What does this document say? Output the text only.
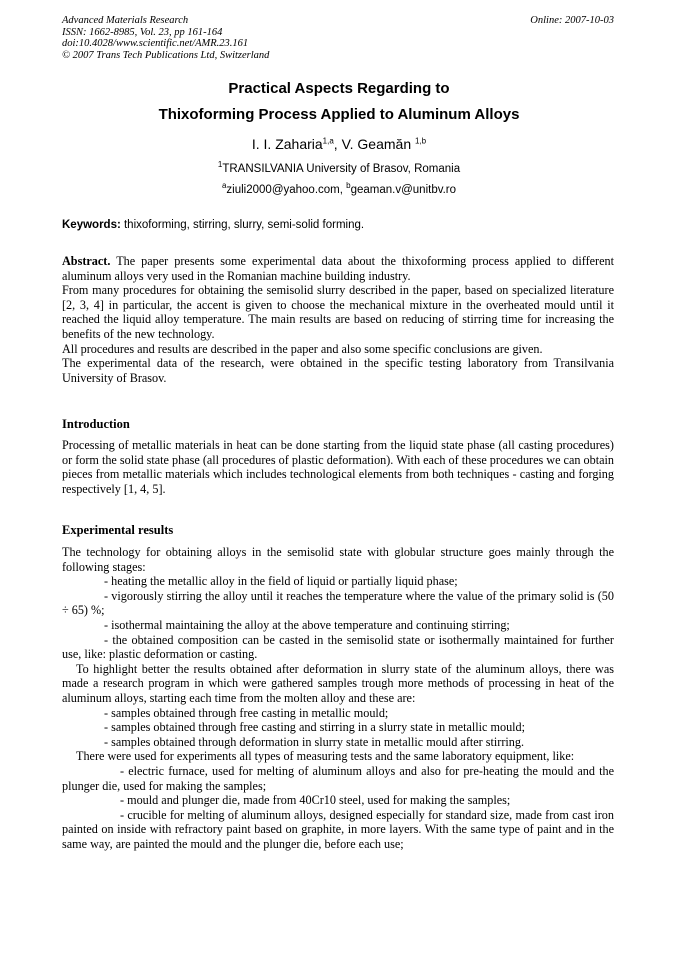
Advanced Materials Research
ISSN: 1662-8985, Vol. 23, pp 161-164
doi:10.4028/www.scientific.net/AMR.23.161
© 2007 Trans Tech Publications Ltd, Switzerland
Online: 2007-10-03
Practical Aspects Regarding to
Thixoforming Process Applied to Aluminum Alloys
I. I. Zaharia$^{1,a}$, V. Geamăn $^{1,b}$
$^1$TRANSILVANIA University of Brasov, Romania
$^a$ziuli2000@yahoo.com, $^b$geaman.v@unitbv.ro
Keywords: thixoforming, stirring, slurry, semi-solid forming.

Abstract. The paper presents some experimental data about the thixoforming process applied to different aluminum alloys very used in the Romanian machine building industry.

From many procedures for obtaining the semisolid slurry described in the paper, based on specialized literature [2, 3, 4] in particular, the accent is given to choose the mechanical mixture in the overheated mould until it reached the liquid alloy temperature. The main results are based on reducing of stirring time for increasing the benefits of the new technology.

All procedures and results are described in the paper and also some specific conclusions are given.

The experimental data of the research, were obtained in the specific testing laboratory from Transilvania University of Brasov.

Introduction

Processing of metallic materials in heat can be done starting from the liquid state phase (all casting procedures) or form the solid state phase (all procedures of plastic deformation). With each of these procedures we can obtain pieces from metallic materials which includes technological elements from both techniques - casting and forging respectively [1, 4, 5].

Experimental results

The technology for obtaining alloys in the semisolid state with globular structure goes mainly through the following stages:

- heating the metallic alloy in the field of liquid or partially liquid phase;

- vigorously stirring the alloy until it reaches the temperature where the value of the primary solid is (50 ÷ 65) %;

- isothermal maintaining the alloy at the above temperature and continuing stirring;

- the obtained composition can be casted in the semisolid state or isothermally maintained for further use, like: plastic deformation or casting.

To highlight better the results obtained after deformation in slurry state of the aluminum alloys, there was made a research program in which were gathered samples trough more methods of processing in heat of the aluminum alloys, starting each time from the molten alloy and these are:

- samples obtained through free casting in metallic mould;

- samples obtained through free casting and stirring in a slurry state in metallic mould;

- samples obtained through deformation in slurry state in metallic mould after stirring.

There were used for experiments all types of measuring tests and the same laboratory equipment, like:

- electric furnace, used for melting of aluminum alloys and also for pre-heating the mould and the plunger die, used for making the samples;

- mould and plunger die, made from 40Cr10 steel, used for making the samples;

- crucible for melting of aluminum alloys, designed especially for standard size, made from cast iron painted on inside with refractory paint based on graphite, in more layers. With the same type of paint and in the same way, are painted the mould and the plunger die, before each use;
